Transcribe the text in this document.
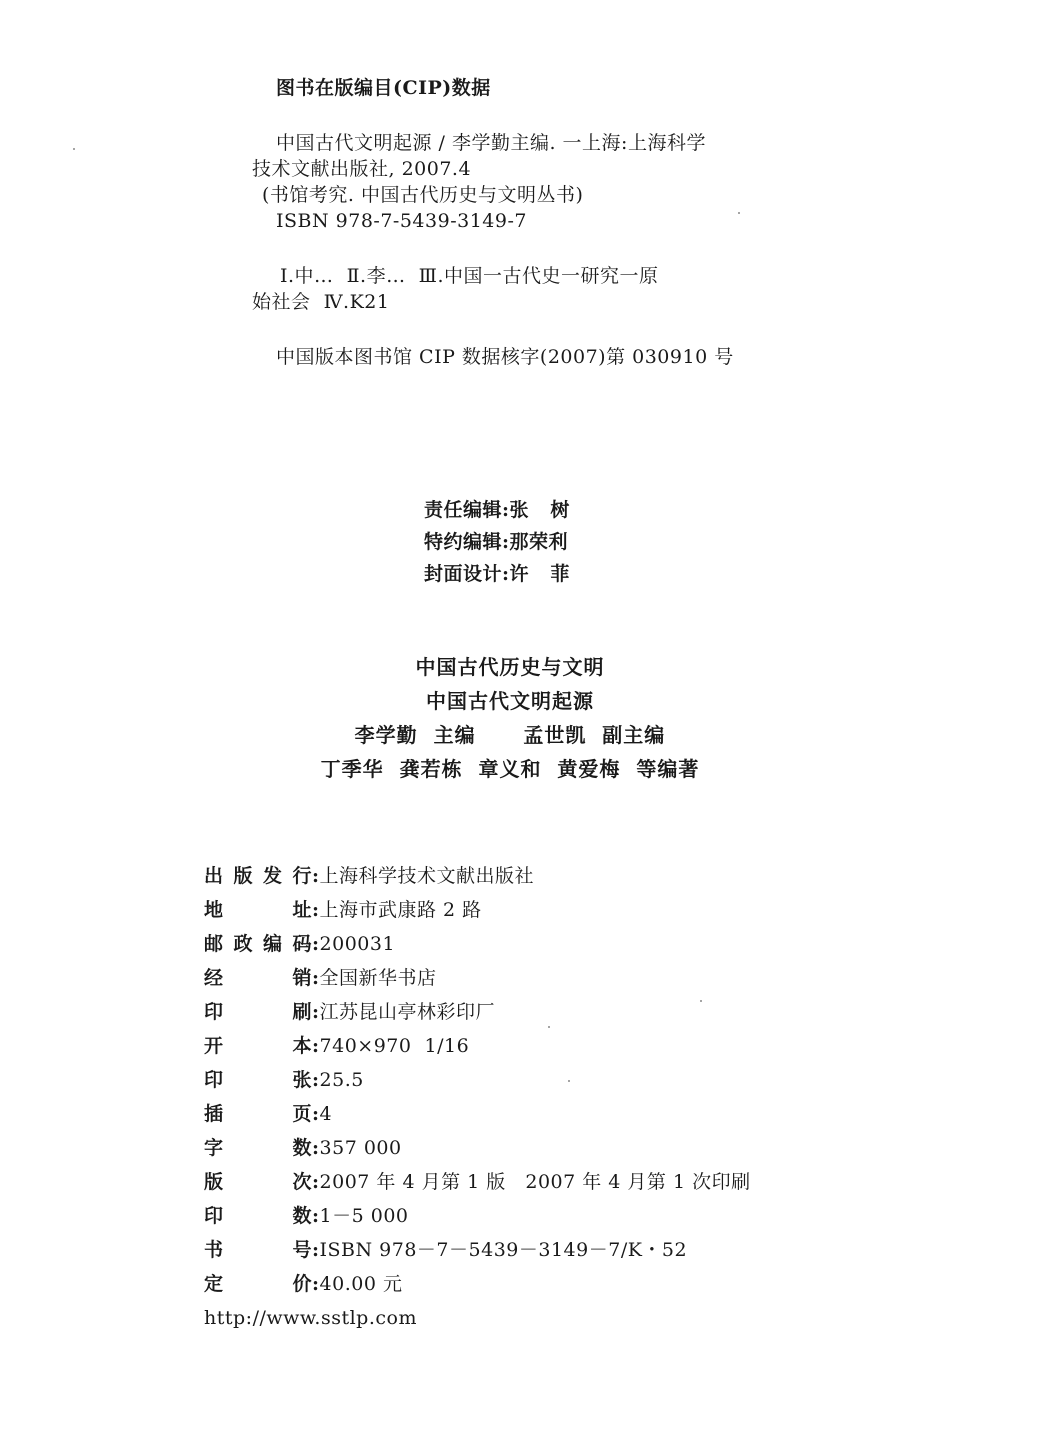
图书在版编目(CIP)数据
中国古代文明起源 / 李学勤主编. 一上海:上海科学
技术文献出版社, 2007.4
(书馆考究. 中国古代历史与文明丛书)
ISBN 978-7-5439-3149-7
Ⅰ.中…  Ⅱ.李…  Ⅲ.中国一古代史一研究一原
始社会  Ⅳ.K21
中国版本图书馆 CIP 数据核字(2007)第 030910 号
责任编辑:张   树
特约编辑:那荣利
封面设计:许   菲
中国古代历史与文明
中国古代文明起源
李学勤  主编      孟世凯  副主编
丁季华  龚若栋  章义和  黄爱梅  等编著
出版发行:上海科学技术文献出版社
地址:上海市武康路 2 路
邮政编码:200031
经销:全国新华书店
印刷:江苏昆山亭林彩印厂
开本:740×970  1/16
印张:25.5
插页:4
字数:357 000
版次:2007 年 4 月第 1 版   2007 年 4 月第 1 次印刷
印数:1－5 000
书号:ISBN 978－7－5439－3149－7/K・52
定价:40.00 元
http://www.sstlp.com
